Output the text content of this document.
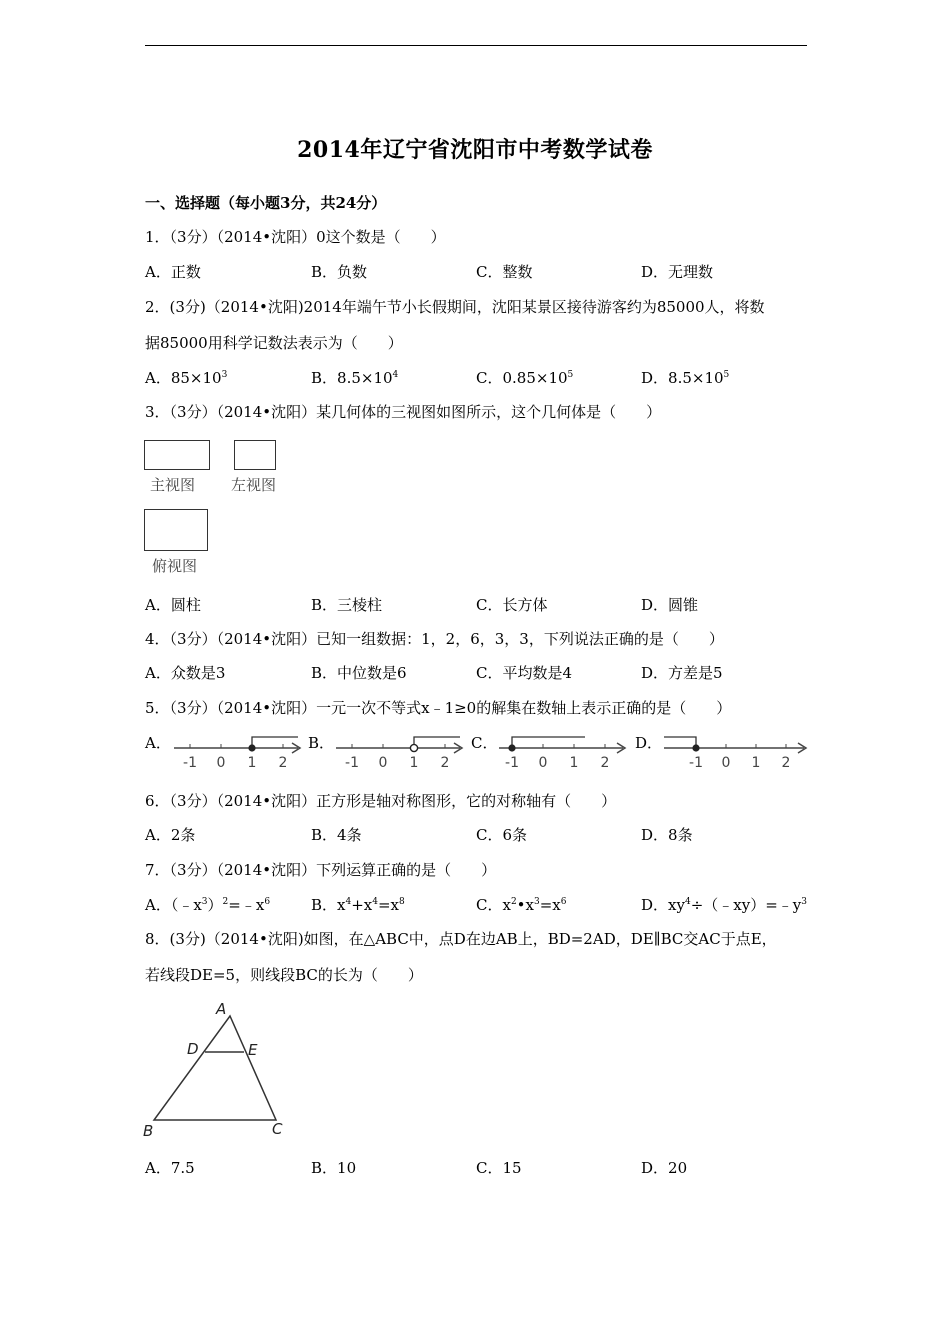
2014年辽宁省沈阳市中考数学试卷
一、选择题（每小题3分，共24分）
1．（3分）（2014•沈阳）0这个数是（　　）
A．正数	B．负数	C．整数	D．无理数
2．(3分)（2014•沈阳)2014年端午节小长假期间，沈阳某景区接待游客约为85000人，将数
据85000用科学记数法表示为（　　）
A．$85\times 10^3$	B．$8.5\times 10^4$	C．$0.85\times 10^5$	D．$8.5\times 10^5$
3．（3分）（2014•沈阳）某几何体的三视图如图所示，这个几何体是（　　）
主视图 左视图
俯视图
A．圆柱	B．三棱柱	C．长方体	D．圆锥
4．（3分）（2014•沈阳）已知一组数据：1，2，6，3，3，下列说法正确的是（　　）
A．众数是3	B．中位数是6	C．平均数是4	D．方差是5
5．（3分）（2014•沈阳）一元一次不等式x﹣1≥0的解集在数轴上表示正确的是（　　）
A．
-1 0 1 2
B．
-1 0 1 2
C．
-1 0 1 2
D．
-1 0 1 2
6．（3分）（2014•沈阳）正方形是轴对称图形，它的对称轴有（　　）
A．2条	B．4条	C．6条	D．8条
7．（3分）（2014•沈阳）下列运算正确的是（　　）
A．$(﹣x^3)^2=﹣x^6$	B．$x^4+x^4=x^8$	C．$x^2•x^3=x^6$	D．$xy^4\div(﹣xy)=﹣y^3$
8．(3分)（2014•沈阳)如图，在△ABC中，点D在边AB上，BD=2AD，DE∥BC交AC于点E，
若线段DE=5，则线段BC的长为（　　）
A
B	C
D	E
A．7.5	B．10	C．15	D．20
